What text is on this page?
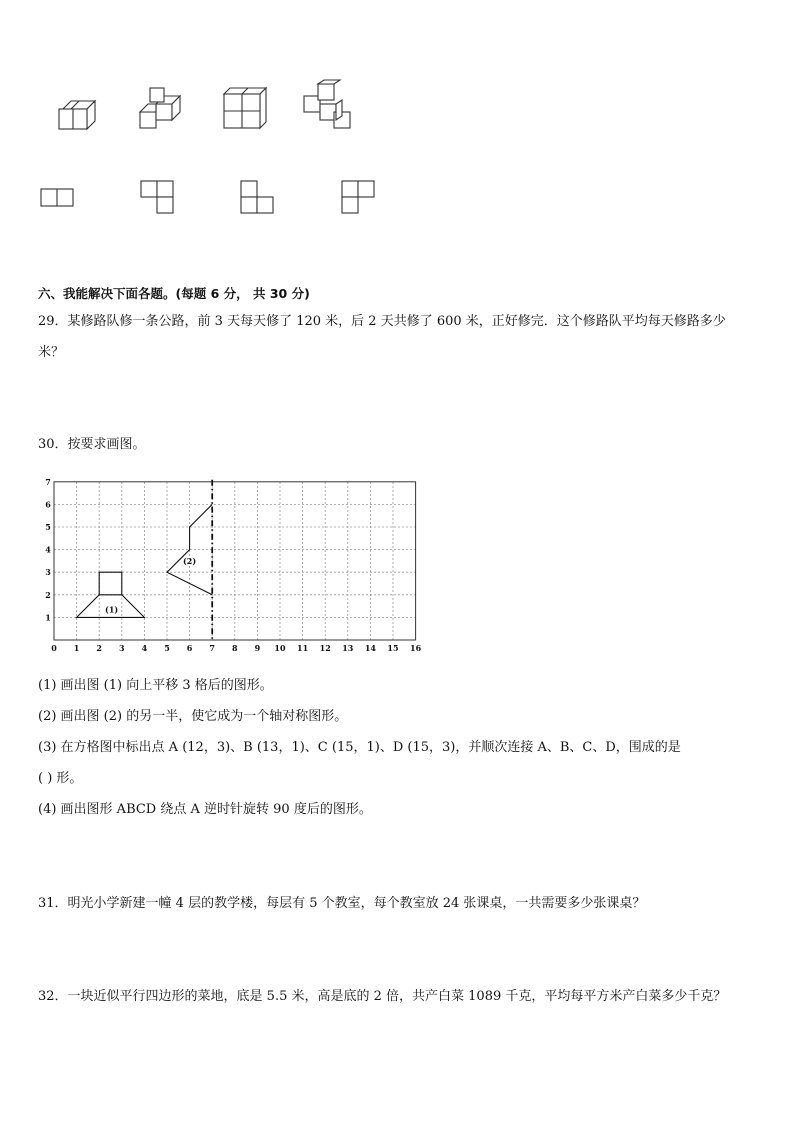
六、我能解决下面各题。(每题 6 分， 共 30 分)
29．某修路队修一条公路，前 3 天每天修了 120 米，后 2 天共修了 600 米，正好修完．这个修路队平均每天修路多少
米？
30．按要求画图。
0 1 2 3 4 5 6 7 8 9 10 11 12 13 14 15 16
1
2
3
4
5
6
7
(1)
(2)
(1) 画出图 (1) 向上平移 3 格后的图形。
(2) 画出图 (2) 的另一半，使它成为一个轴对称图形。
(3) 在方格图中标出点 A (12，3)、B (13，1)、C (15，1)、D (15，3)，并顺次连接 A、B、C、D，围成的是
( ) 形。
(4) 画出图形 ABCD 绕点 A 逆时针旋转 90 度后的图形。
31．明光小学新建一幢 4 层的教学楼，每层有 5 个教室，每个教室放 24 张课桌，一共需要多少张课桌？
32．一块近似平行四边形的菜地，底是 5.5 米，高是底的 2 倍，共产白菜 1089 千克，平均每平方米产白菜多少千克？
